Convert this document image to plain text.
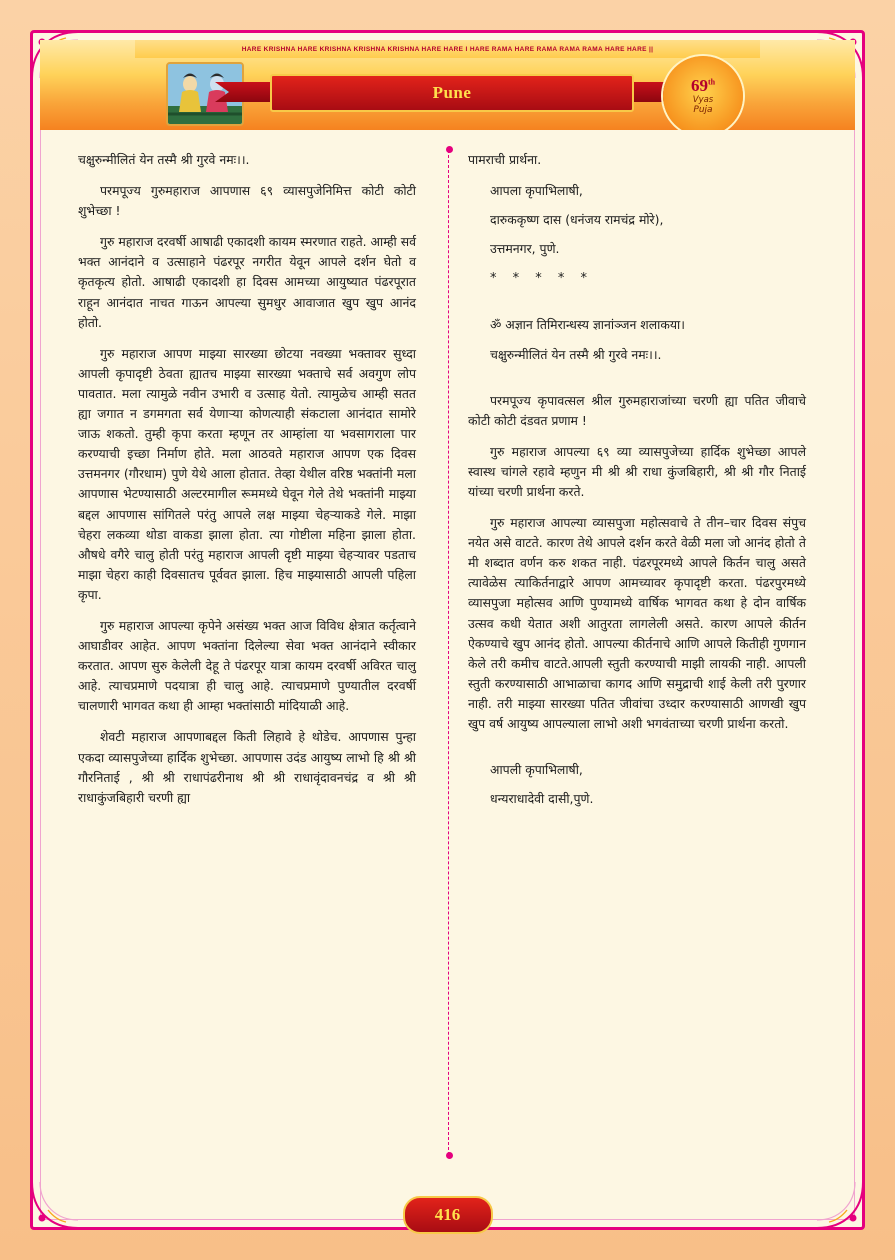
HARE KRISHNA HARE KRISHNA KRISHNA KRISHNA HARE HARE I HARE RAMA HARE RAMA RAMA RAMA HARE HARE ||
Pune	69th
Vyas
Puja

चक्षुरुन्मीलितं येन तस्मै श्री गुरवे नमः।।.

परमपूज्य गुरुमहाराज आपणास ६९ व्यासपुजेनिमित्त कोटी कोटी शुभेच्छा !

गुरु महाराज दरवर्षी आषाढी एकादशी कायम स्मरणात राहते. आम्ही सर्व भक्त आनंदाने व उत्साहाने पंढरपूर नगरीत येवून आपले दर्शन घेतो व कृतकृत्य होतो. आषाढी एकादशी हा दिवस आमच्या आयुष्यात पंढरपूरात राहून आनंदात नाचत गाऊन आपल्या सुमधुर आवाजात खुप खुप आनंद होतो.

गुरु महाराज आपण माझ्या सारख्या छोटया नवख्या भक्तावर सुध्दा आपली कृपादृष्टी ठेवता ह्यातच माझ्या सारख्या भक्ताचे सर्व अवगुण लोप पावतात. मला त्यामुळे नवीन उभारी व उत्साह येतो. त्यामुळेच आम्ही सतत ह्या जगात न डगमगता सर्व येणाऱ्या कोणत्याही संकटाला आनंदात सामोरे जाऊ शकतो. तुम्ही कृपा करता म्हणून तर आम्हांला या भवसागराला पार करण्याची इच्छा निर्माण होते. मला आठवते महाराज आपण एक दिवस उत्तमनगर (गौरधाम) पुणे येथे आला होतात. तेव्हा येथील वरिष्ठ भक्तांनी मला आपणास भेटण्यासाठी अल्टरमागील रूममध्ये घेवून गेले तेथे भक्तांनी माझ्या बद्दल आपणास सांगितले परंतु आपले लक्ष माझ्या चेहऱ्याकडे गेले. माझा चेहरा लकव्या थोडा वाकडा झाला होता. त्या गोष्टीला महिना झाला होता. औषधे वगैरे चालु होती परंतु महाराज आपली दृष्टी माझ्या चेहऱ्यावर पडताच माझा चेहरा काही दिवसातच पूर्ववत झाला. हिच माझ्यासाठी आपली पहिला कृपा.

गुरु महाराज आपल्या कृपेने असंख्य भक्त आज विविध क्षेत्रात कर्तृत्वाने आघाडीवर आहेत. आपण भक्तांना दिलेल्या सेवा भक्त आनंदाने स्वीकार करतात. आपण सुरु केलेली देहू ते पंढरपूर यात्रा कायम दरवर्षी अविरत चालु आहे. त्याचप्रमाणे पदयात्रा ही चालु आहे. त्याचप्रमाणे पुण्यातील दरवर्षी चालणारी भागवत कथा ही आम्हा भक्तांसाठी मांदियाळी आहे.

शेवटी महाराज आपणाबद्दल किती लिहावे हे थोडेच. आपणास पुन्हा एकदा व्यासपुजेच्या हार्दिक शुभेच्छा. आपणास उदंड आयुष्य लाभो हि श्री श्री गौरनिताई , श्री श्री राधापंढरीनाथ श्री श्री राधावृंदावनचंद्र व श्री श्री राधाकुंजबिहारी चरणी ह्या

पामराची प्रार्थना.

आपला कृपाभिलाषी,

दारुककृष्ण दास (धनंजय रामचंद्र मोरे),

उत्तमनगर, पुणे.

* * * * *

ॐ अज्ञान तिमिरान्धस्य ज्ञानांञ्जन शलाकया।

चक्षुरुन्मीलितं येन तस्मै श्री गुरवे नमः।।.

परमपूज्य कृपावत्सल श्रील गुरुमहाराजांच्या चरणी ह्या पतित जीवाचे कोटी कोटी दंडवत प्रणाम !

गुरु महाराज आपल्या ६९ व्या व्यासपुजेच्या हार्दिक शुभेच्छा आपले स्वास्थ चांगले रहावे म्हणुन मी श्री श्री राधा कुंजबिहारी, श्री श्री गौर निताई यांच्या चरणी प्रार्थना करते.

गुरु महाराज आपल्या व्यासपुजा महोत्सवाचे ते तीन–चार दिवस संपुच नयेत असे वाटते. कारण तेथे आपले दर्शन करते वेळी मला जो आनंद होतो ते मी शब्दात वर्णन करु शकत नाही. पंढरपूरमध्ये आपले किर्तन चालु असते त्यावेळेस त्याकिर्तनाद्वारे आपण आमच्यावर कृपादृष्टी करता. पंढरपुरमध्ये व्यासपुजा महोत्सव आणि पुण्यामध्ये वार्षिक भागवत कथा हे दोन वार्षिक उत्सव कधी येतात अशी आतुरता लागलेली असते. कारण आपले कीर्तन ऐकण्याचे खुप आनंद होतो. आपल्या कीर्तनाचे आणि आपले कितीही गुणगान केले तरी कमीच वाटते.आपली स्तुती करण्याची माझी लायकी नाही. आपली स्तुती करण्यासाठी आभाळाचा कागद आणि समुद्राची शाई केली तरी पुरणार नाही. तरी माझ्या सारख्या पतित जीवांचा उध्दार करण्यासाठी आणखी खुप खुप वर्ष आयुष्य आपल्याला लाभो अशी भगवंताच्या चरणी प्रार्थना करतो.

आपली कृपाभिलाषी,

धन्यराधादेवी दासी,पुणे.

416
